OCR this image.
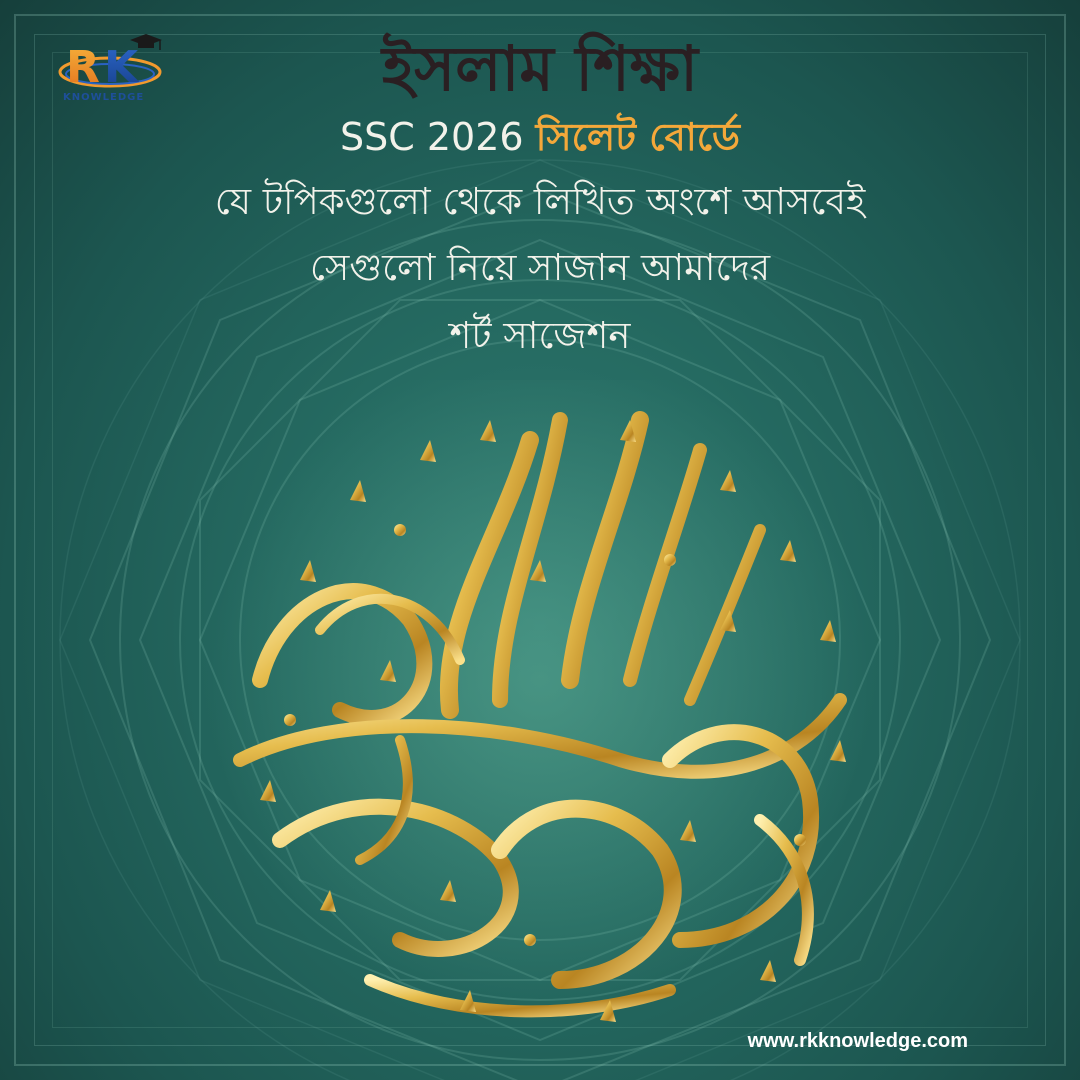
R K
KNOWLEDGE	ইসলাম শিক্ষা
SSC 2026 সিলেট বোর্ডে
যে টপিকগুলো থেকে লিখিত অংশে আসবেই
সেগুলো নিয়ে সাজান আমাদের
শর্ট সাজেশন
www.rkknowledge.com
